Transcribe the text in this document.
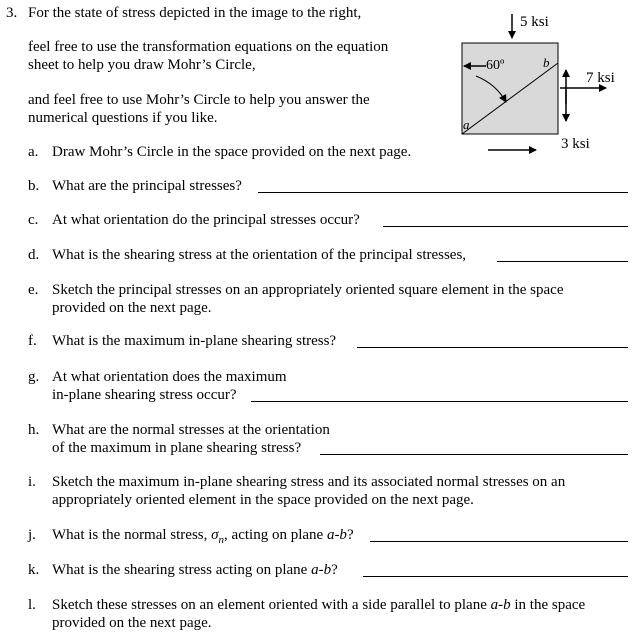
3. For the state of stress depicted in the image to the right,
feel free to use the transformation equations on the equation
sheet to help you draw Mohr’s Circle,
and feel free to use Mohr’s Circle to help you answer the
numerical questions if you like.
5 ksi
60º	b
a
7 ksi
3 ksi
a. Draw Mohr’s Circle in the space provided on the next page.
b. What are the principal stresses?
c. At what orientation do the principal stresses occur?
d. What is the shearing stress at the orientation of the principal stresses,
e. Sketch the principal stresses on an appropriately oriented square element in the space
provided on the next page.
f. What is the maximum in-plane shearing stress?
g. At what orientation does the maximum
in-plane shearing stress occur?
h. What are the normal stresses at the orientation
of the maximum in plane shearing stress?
i. Sketch the maximum in-plane shearing stress and its associated normal stresses on an
appropriately oriented element in the space provided on the next page.
j. What is the normal stress, $\sigma_n$, acting on plane a-b?
k. What is the shearing stress acting on plane a-b?
l. Sketch these stresses on an element oriented with a side parallel to plane a-b in the space
provided on the next page.
